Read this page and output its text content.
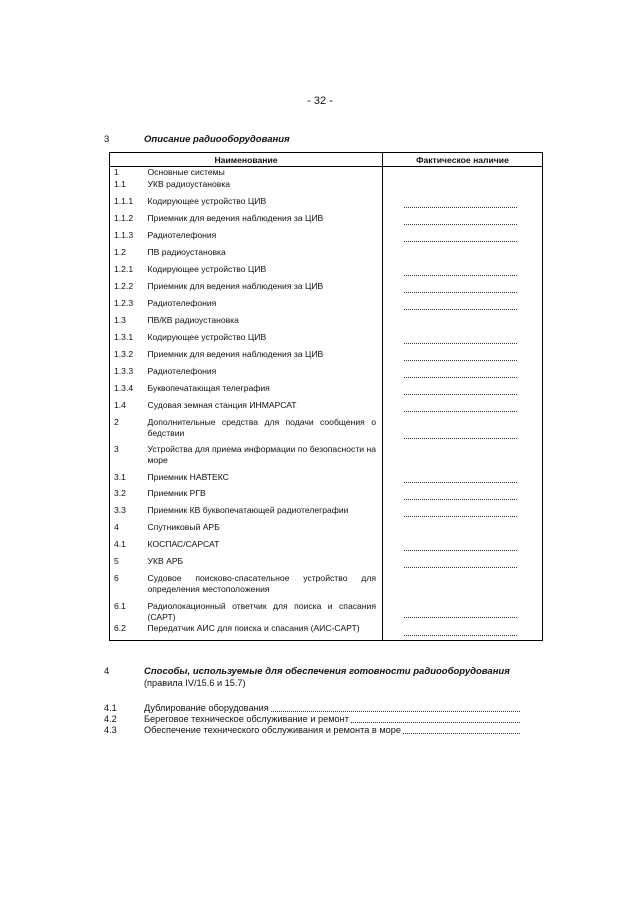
- 32 -
3	Описание радиооборудования
Наименование		Фактическое наличие
1	Основные системы	
1.1	УКВ радиоустановка	
1.1.1	Кодирующее устройство ЦИВ	

1.1.2	Приемник для ведения наблюдения за ЦИВ	

1.1.3	Радиотелефония	

1.2	ПВ радиоустановка	
1.2.1	Кодирующее устройство ЦИВ	

1.2.2	Приемник для ведения наблюдения за ЦИВ	

1.2.3	Радиотелефония	

1.3	ПВ/КВ радиоустановка	
1.3.1	Кодирующее устройство ЦИВ	

1.3.2	Приемник для ведения наблюдения за ЦИВ	

1.3.3	Радиотелефония	

1.3.4	Буквопечатающая телеграфия	

1.4	Судовая земная станция ИНМАРСАТ	

2	Дополнительные средства для подачи сообщения о бедствии	

3	Устройства для приема информации по безопасности на море	
3.1	Приемник НАВТЕКС	

3.2	Приемник РГВ	

3.3	Приемник КВ буквопечатающей радиотелеграфии	

4	Спутниковый АРБ	
4.1	КОСПАС/САРСАТ	

5	УКВ АРБ	

6	Судовое поисково-спасательное устройство для определения местоположения	
6.1	Радиолокационный ответчик для поиска и спасания (САРТ)	

6.2	Передатчик АИС для поиска и спасания (АИС-САРТ)	
4	Способы, используемые для обеспечения готовности радиооборудования
(правила IV/15.6 и 15.7)
4.1	Дублирование оборудования
4.2	Береговое техническое обслуживание и ремонт
4.3	Обеспечение технического обслуживания и ремонта в море
